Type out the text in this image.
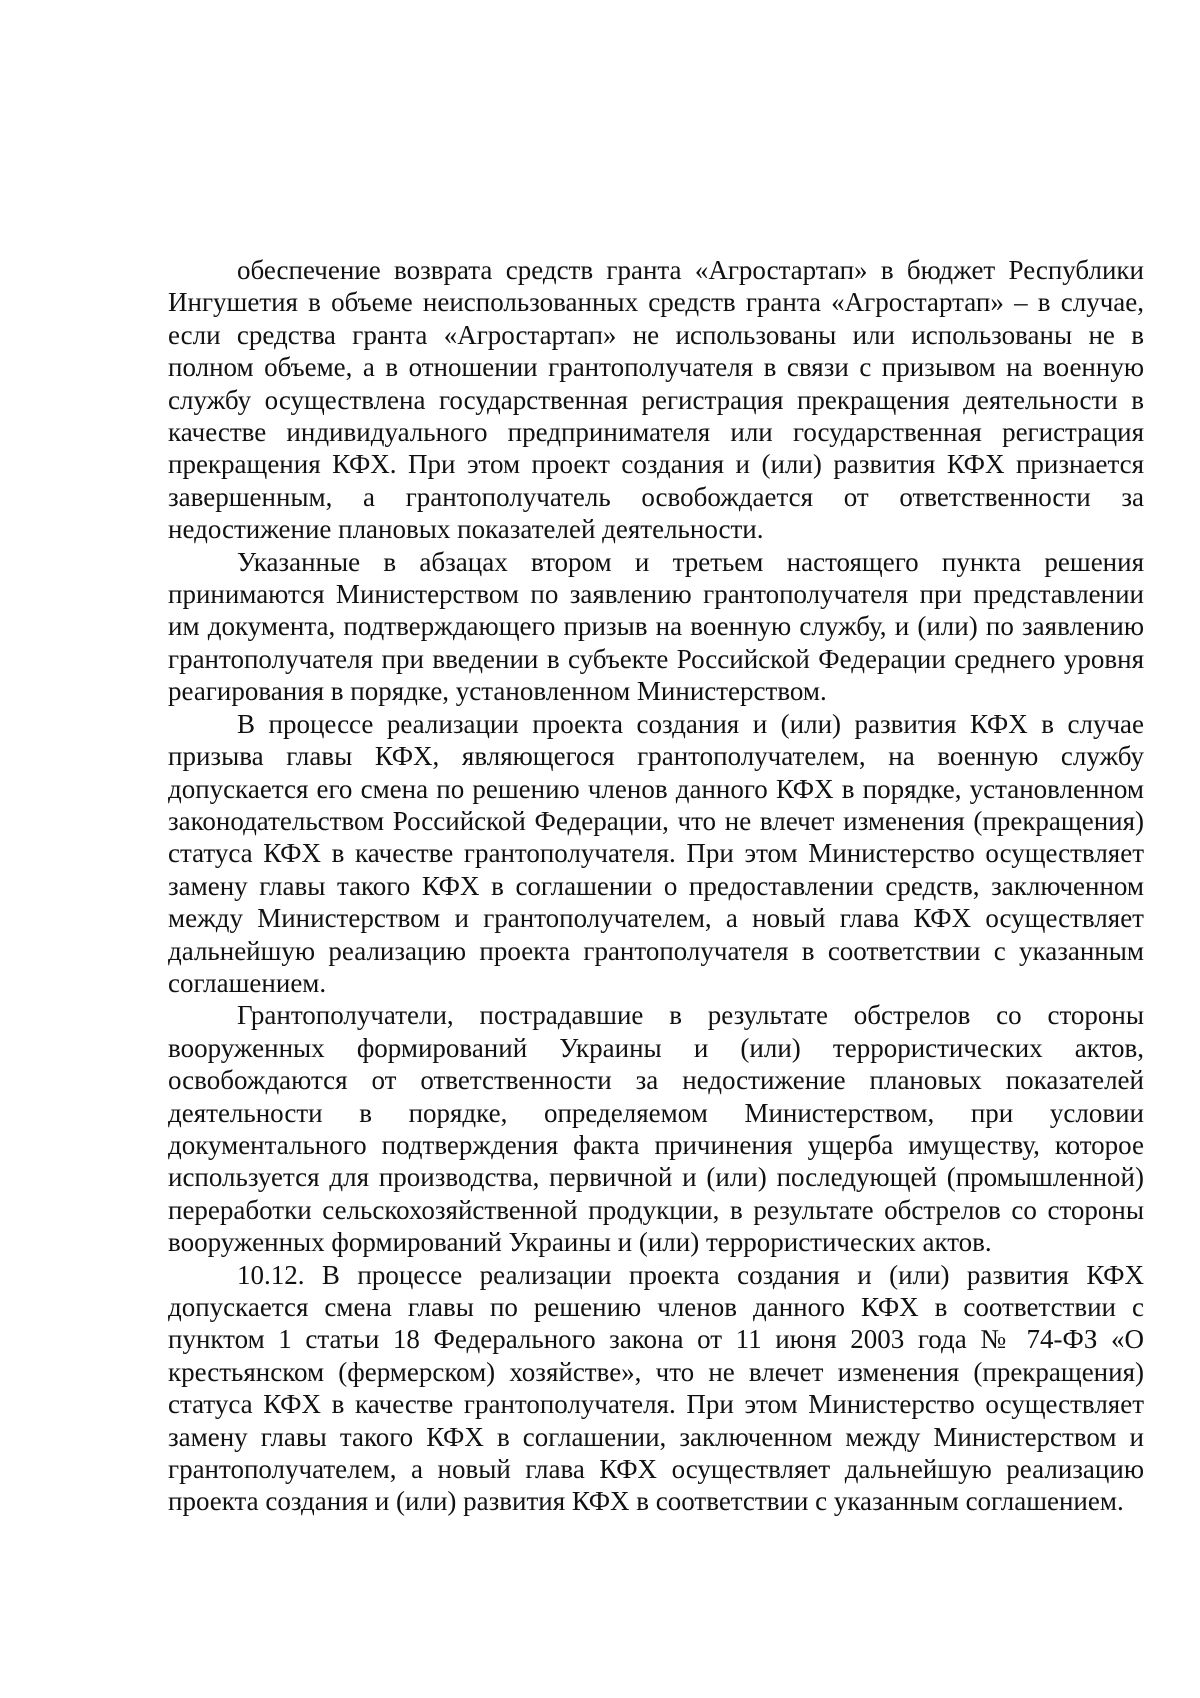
обеспечение возврата средств гранта «Агростартап» в бюджет Республики Ингушетия в объеме неиспользованных средств гранта «Агростартап» – в случае, если средства гранта «Агростартап» не использованы или использованы не в полном объеме, а в отношении грантополучателя в связи с призывом на военную службу осуществлена государственная регистрация прекращения деятельности в качестве индивидуального предпринимателя или государственная регистрация прекращения КФХ. При этом проект создания и (или) развития КФХ признается завершенным, а грантополучатель освобождается от ответственности за недостижение плановых показателей деятельности.

Указанные в абзацах втором и третьем настоящего пункта решения принимаются Министерством по заявлению грантополучателя при представлении им документа, подтверждающего призыв на военную службу, и (или) по заявлению грантополучателя при введении в субъекте Российской Федерации среднего уровня реагирования в порядке, установленном Министерством.

В процессе реализации проекта создания и (или) развития КФХ в случае призыва главы КФХ, являющегося грантополучателем, на военную службу допускается его смена по решению членов данного КФХ в порядке, установленном законодательством Российской Федерации, что не влечет изменения (прекращения) статуса КФХ в качестве грантополучателя. При этом Министерство осуществляет замену главы такого КФХ в соглашении о предоставлении средств, заключенном между Министерством и грантополучателем, а новый глава КФХ осуществляет дальнейшую реализацию проекта грантополучателя в соответствии с указанным соглашением.

Грантополучатели, пострадавшие в результате обстрелов со стороны вооруженных формирований Украины и (или) террористических актов, освобождаются от ответственности за недостижение плановых показателей деятельности в порядке, определяемом Министерством, при условии документального подтверждения факта причинения ущерба имуществу, которое используется для производства, первичной и (или) последующей (промышленной) переработки сельскохозяйственной продукции, в результате обстрелов со стороны вооруженных формирований Украины и (или) террористических актов.

10.12. В процессе реализации проекта создания и (или) развития КФХ допускается смена главы по решению членов данного КФХ в соответствии с пунктом 1 статьи 18 Федерального закона от 11 июня 2003 года № 74-ФЗ «О крестьянском (фермерском) хозяйстве», что не влечет изменения (прекращения) статуса КФХ в качестве грантополучателя. При этом Министерство осуществляет замену главы такого КФХ в соглашении, заключенном между Министерством и грантополучателем, а новый глава КФХ осуществляет дальнейшую реализацию проекта создания и (или) развития КФХ в соответствии с указанным соглашением.
